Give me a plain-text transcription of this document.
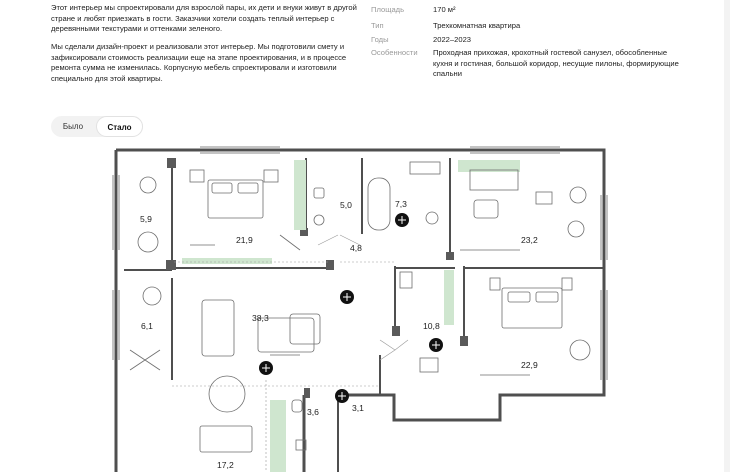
Этот интерьер мы спроектировали для взрослой пары, их дети и внуки живут в другой стране и любят приезжать в гости. Заказчики хотели создать теплый интерьер с деревянными текстурами и оттенками зеленого.

Мы сделали дизайн-проект и реализовали этот интерьер. Мы подготовили смету и зафиксировали стоимость реализации еще на этапе проектирования, и в процессе ремонта сумма не изменилась. Корпусную мебель спроектировали и изготовили специально для этой квартиры.

Площадь	170 м²
Тип	Трехкомнатная квартира
Годы	2022–2023
Особенности	Проходная прихожая, крохотный гостевой санузел, обособленные кухня и гостиная, большой коридор, несущие пилоны, формирующие спальни
Было	Стало
5,9
21,9
5,0	7,3
23,2
4,8
6,1
38,3
10,8
22,9
3,6	3,1
17,2
